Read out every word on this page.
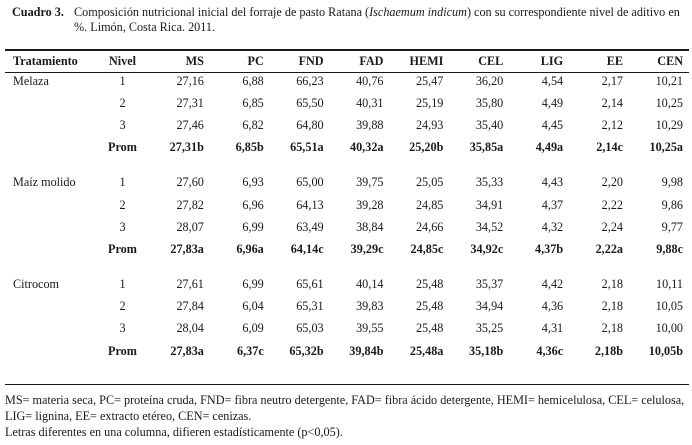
Cuadro 3. Composición nutricional inicial del forraje de pasto Ratana (Ischaemum indicum) con su correspondiente nivel de aditivo en %. Limón, Costa Rica. 2011.
Tratamiento	Nivel	MS	PC	FND	FAD	HEMI	CEL	LIG	EE	CEN
Melaza	1	27,16	6,88	66,23	40,76	25,47	36,20	4,54	2,17	10,21
	2	27,31	6,85	65,50	40,31	25,19	35,80	4,49	2,14	10,25
	3	27,46	6,82	64,80	39,88	24,93	35,40	4,45	2,12	10,29
	Prom	27,31b	6,85b	65,51a	40,32a	25,20b	35,85a	4,49a	2,14c	10,25a

Maíz molido	1	27,60	6,93	65,00	39,75	25,05	35,33	4,43	2,20	9,98
	2	27,82	6,96	64,13	39,28	24,85	34,91	4,37	2,22	9,86
	3	28,07	6,99	63,49	38,84	24,66	34,52	4,32	2,24	9,77
	Prom	27,83a	6,96a	64,14c	39,29c	24,85c	34,92c	4,37b	2,22a	9,88c

Citrocom	1	27,61	6,99	65,61	40,14	25,48	35,37	4,42	2,18	10,11
	2	27,84	6,04	65,31	39,83	25,48	34,94	4,36	2,18	10,05
	3	28,04	6,09	65,03	39,55	25,48	35,25	4,31	2,18	10,00
	Prom	27,83a	6,37c	65,32b	39,84b	25,48a	35,18b	4,36c	2,18b	10,05b
MS= materia seca, PC= proteína cruda, FND= fibra neutro detergente, FAD= fibra ácido detergente, HEMI= hemicelulosa, CEL= celulosa, LIG= lignina, EE= extracto etéreo, CEN= cenizas.
Letras diferentes en una columna, difieren estadísticamente (p<0,05).
